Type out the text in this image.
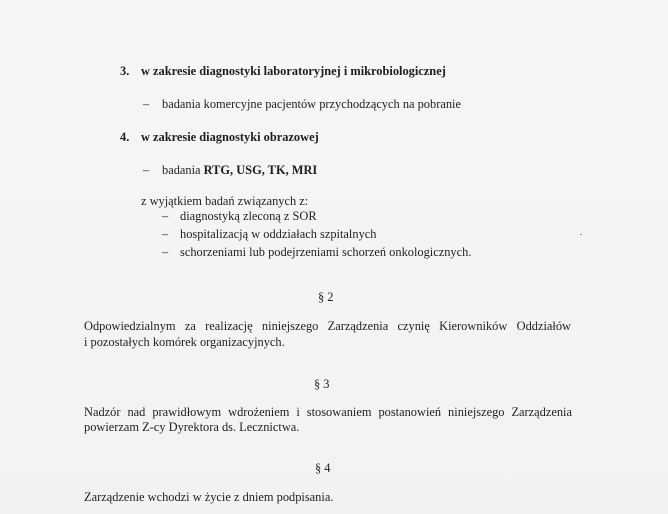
3. w zakresie diagnostyki laboratoryjnej i mikrobiologicznej
– badania komercyjne pacjentów przychodzących na pobranie
4. w zakresie diagnostyki obrazowej
– badania RTG, USG, TK, MRI
z wyjątkiem badań związanych z:
– diagnostyką zleconą z SOR
– hospitalizacją w oddziałach szpitalnych
– schorzeniami lub podejrzeniami schorzeń onkologicznych.
§ 2
Odpowiedzialnym za realizację niniejszego Zarządzenia czynię Kierowników Oddziałów
i pozostałych komórek organizacyjnych.
§ 3
Nadzór nad prawidłowym wdrożeniem i stosowaniem postanowień niniejszego Zarządzenia
powierzam Z-cy Dyrektora ds. Lecznictwa.
§ 4
Zarządzenie wchodzi w życie z dniem podpisania.
